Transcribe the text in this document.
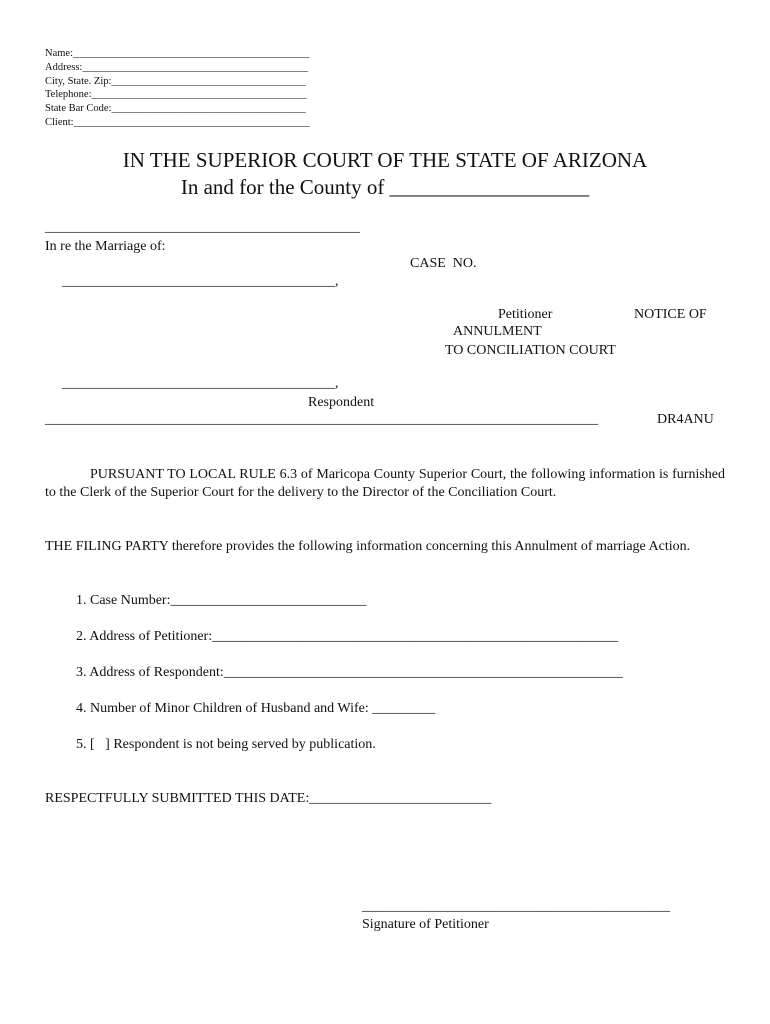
Name:_____________________________________________
Address:___________________________________________
City, State. Zip:_____________________________________
Telephone:_________________________________________
State Bar Code:_____________________________________
Client:_____________________________________________
IN THE SUPERIOR COURT OF THE STATE OF ARIZONA
In and for the County of ___________________
_____________________________________________
In re the Marriage of:
CASE  NO.
_______________________________________,
Petitioner	NOTICE OF
ANNULMENT
TO CONCILIATION COURT
_______________________________________,
Respondent
_______________________________________________________________________________	DR4ANU
PURSUANT TO LOCAL RULE 6.3 of Maricopa County Superior Court, the following information is furnished to the Clerk of the Superior Court for the delivery to the Director of the Conciliation Court.
THE FILING PARTY therefore provides the following information concerning this Annulment of marriage Action.
1. Case Number:____________________________
2. Address of Petitioner:__________________________________________________________
3. Address of Respondent:_________________________________________________________
4. Number of Minor Children of Husband and Wife: _________
5. [   ] Respondent is not being served by publication.
RESPECTFULLY SUBMITTED THIS DATE:__________________________
____________________________________________
Signature of Petitioner
